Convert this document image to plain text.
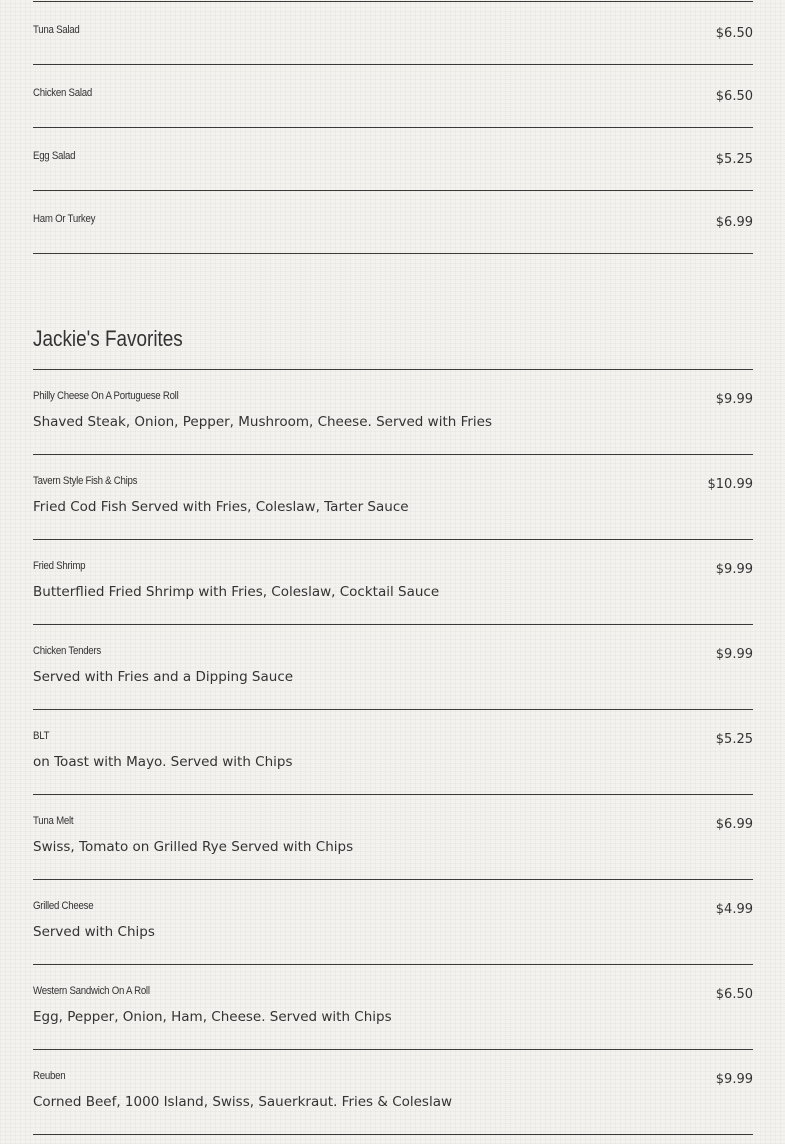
Tuna Salad	$6.50
Chicken Salad	$6.50
Egg Salad	$5.25
Ham Or Turkey	$6.99
Jackie's Favorites
Philly Cheese On A Portuguese Roll	$9.99
Shaved Steak, Onion, Pepper, Mushroom, Cheese. Served with Fries
Tavern Style Fish & Chips	$10.99
Fried Cod Fish Served with Fries, Coleslaw, Tarter Sauce
Fried Shrimp	$9.99
Butterflied Fried Shrimp with Fries, Coleslaw, Cocktail Sauce
Chicken Tenders	$9.99
Served with Fries and a Dipping Sauce
BLT	$5.25
on Toast with Mayo. Served with Chips
Tuna Melt	$6.99
Swiss, Tomato on Grilled Rye Served with Chips
Grilled Cheese	$4.99
Served with Chips
Western Sandwich On A Roll	$6.50
Egg, Pepper, Onion, Ham, Cheese. Served with Chips
Reuben	$9.99
Corned Beef, 1000 Island, Swiss, Sauerkraut. Fries & Coleslaw
